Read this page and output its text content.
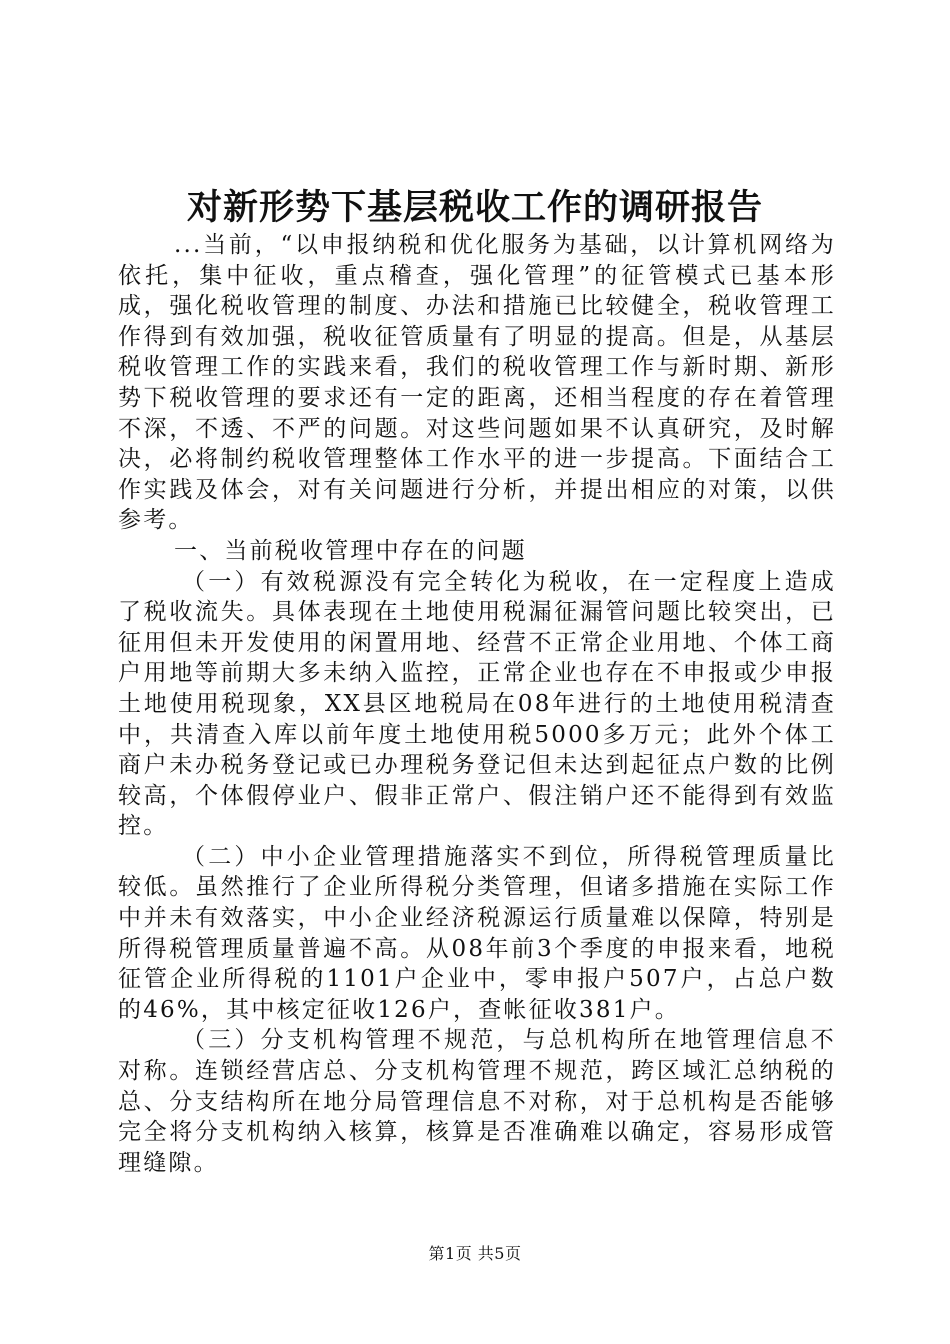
对新形势下基层税收工作的调研报告

...当前，“以申报纳税和优化服务为基础，以计算机网络为依托，集中征收，重点稽查，强化管理”的征管模式已基本形成，强化税收管理的制度、办法和措施已比较健全，税收管理工作得到有效加强，税收征管质量有了明显的提高。但是，从基层税收管理工作的实践来看，我们的税收管理工作与新时期、新形势下税收管理的要求还有一定的距离，还相当程度的存在着管理不深，不透、不严的问题。对这些问题如果不认真研究，及时解决，必将制约税收管理整体工作水平的进一步提高。下面结合工作实践及体会，对有关问题进行分析，并提出相应的对策，以供参考。

一、当前税收管理中存在的问题

（一）有效税源没有完全转化为税收，在一定程度上造成了税收流失。具体表现在土地使用税漏征漏管问题比较突出，已征用但未开发使用的闲置用地、经营不正常企业用地、个体工商户用地等前期大多未纳入监控，正常企业也存在不申报或少申报土地使用税现象，XX县区地税局在08年进行的土地使用税清查中，共清查入库以前年度土地使用税5000多万元；此外个体工商户未办税务登记或已办理税务登记但未达到起征点户数的比例较高，个体假停业户、假非正常户、假注销户还不能得到有效监控。

（二）中小企业管理措施落实不到位，所得税管理质量比较低。虽然推行了企业所得税分类管理，但诸多措施在实际工作中并未有效落实，中小企业经济税源运行质量难以保障，特别是所得税管理质量普遍不高。从08年前3个季度的申报来看，地税征管企业所得税的1101户企业中，零申报户507户，占总户数的46%，其中核定征收126户，查帐征收381户。

（三）分支机构管理不规范，与总机构所在地管理信息不对称。连锁经营店总、分支机构管理不规范，跨区域汇总纳税的总、分支结构所在地分局管理信息不对称，对于总机构是否能够完全将分支机构纳入核算，核算是否准确难以确定，容易形成管理缝隙。

第1页 共5页
